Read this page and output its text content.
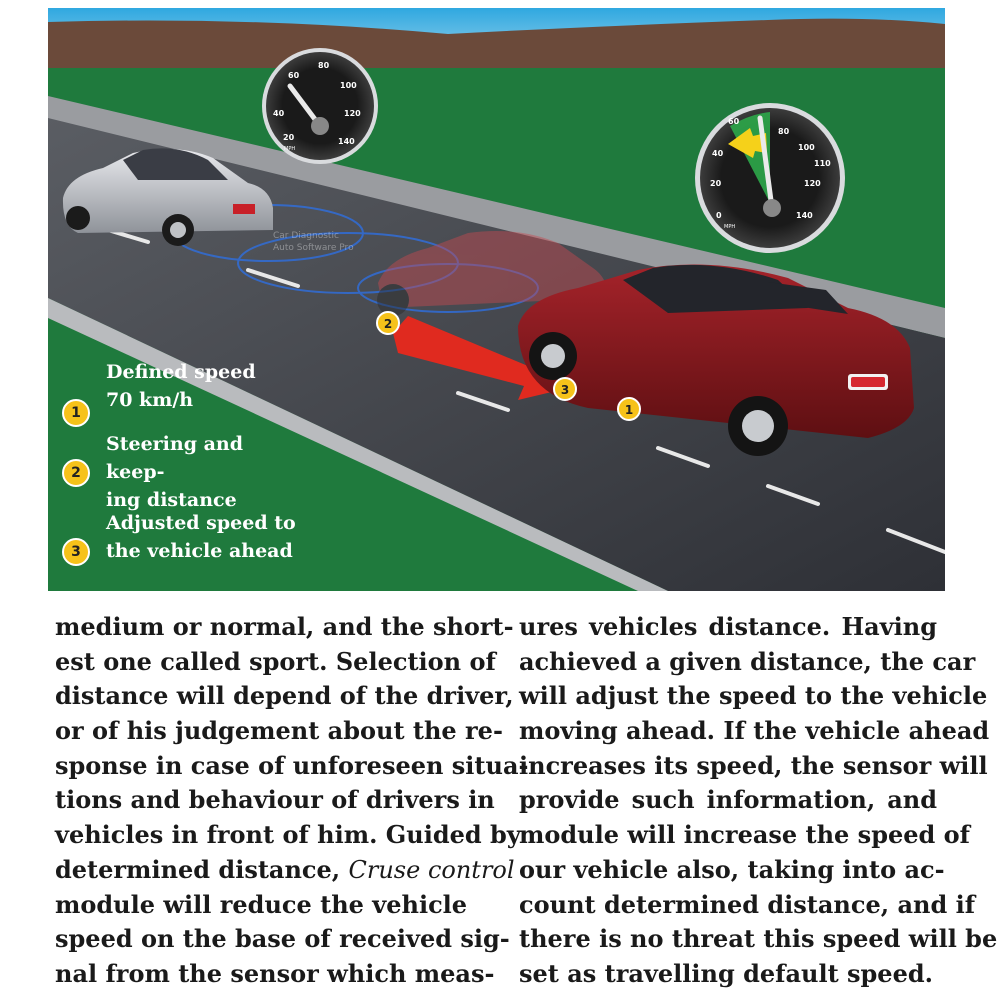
2
3
1
20
40
60
80
100
120
140
MPH
0
20
40
60
80
100
110
120
140
MPH
Car Diagnostic
Auto Software Pro
1
Defined speed
70 km/h
2
Steering and keep-
ing distance
3
Adjusted speed to
the vehicle ahead
medium or normal, and the short-
est one called sport. Selection of
distance will depend of the driver,
or of his judgement about the re-
sponse in case of unforeseen situa-
tions and behaviour of drivers in
vehicles in front of him. Guided by
determined distance, Cruse control
module will reduce the vehicle
speed on the base of received sig-
nal from the sensor which meas-
ures vehicles distance. Having
achieved a given distance, the car
will adjust the speed to the vehicle
moving ahead. If the vehicle ahead
increases its speed, the sensor will
provide such information, and
module will increase the speed of
our vehicle also, taking into ac-
count determined distance, and if
there is no threat this speed will be
set as travelling default speed.
